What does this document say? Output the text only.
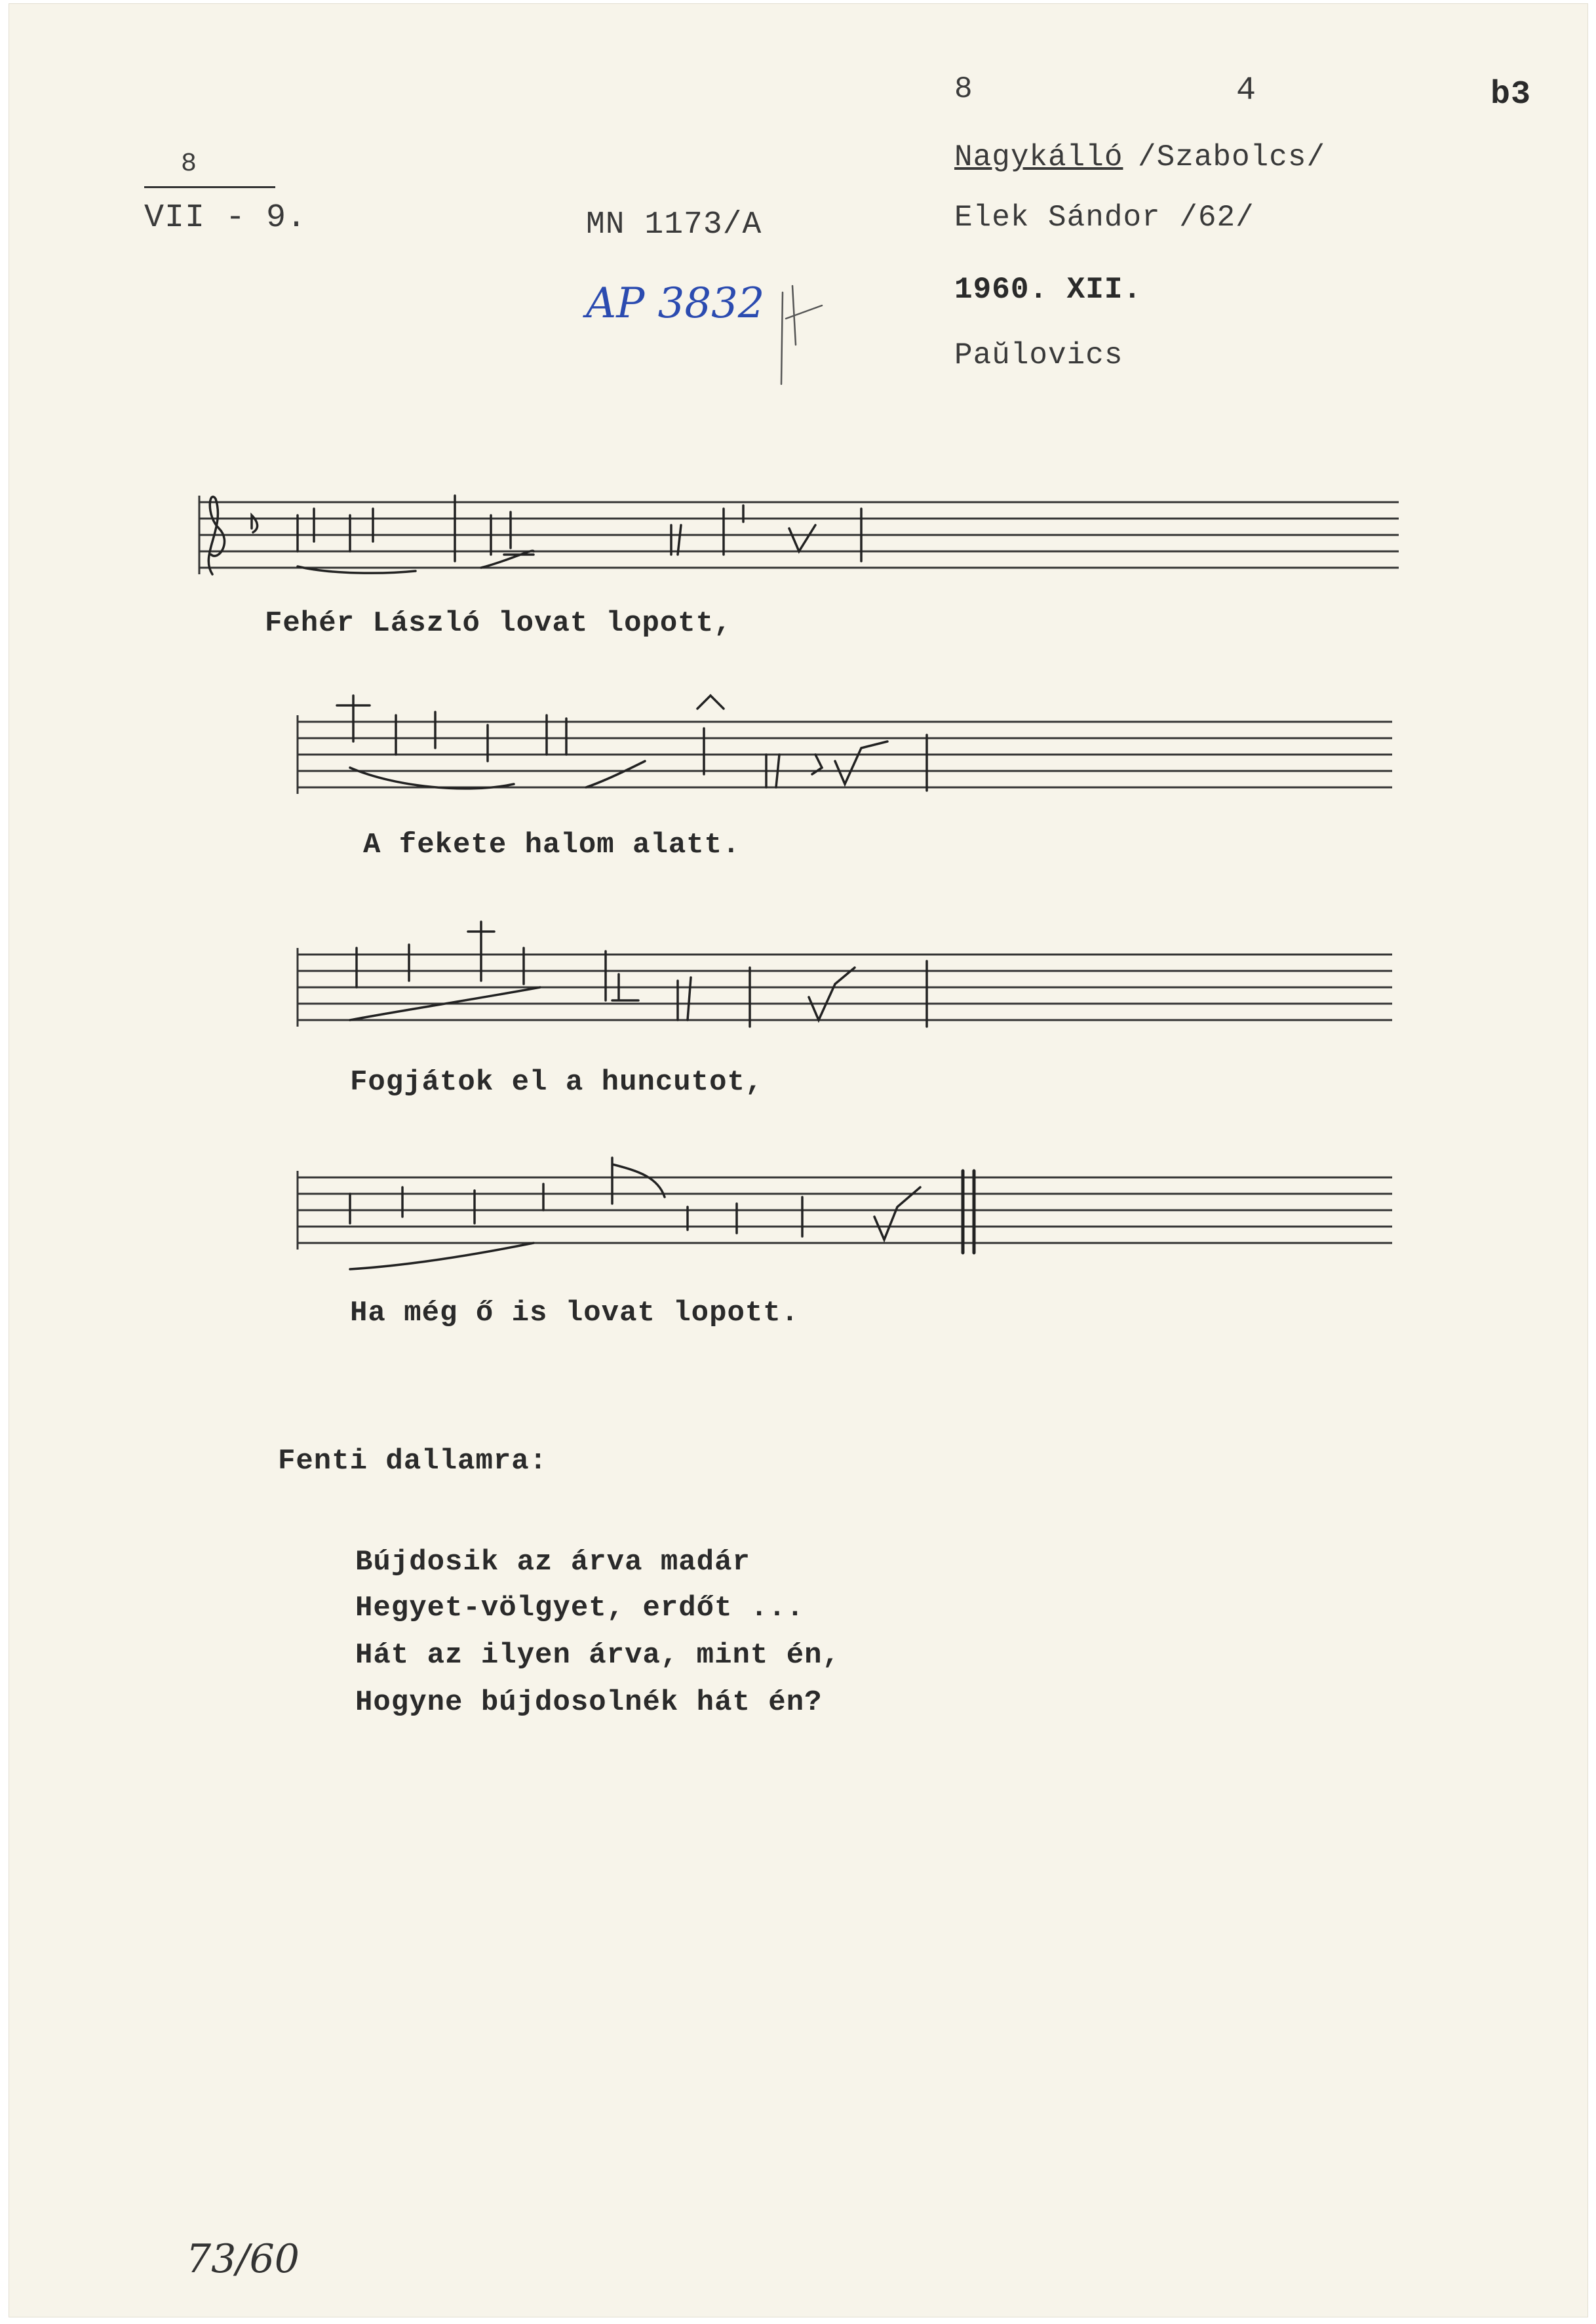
8
VII - 9.	MN 1173/A
AP 3832
8	4	b3
Nagykálló /Szabolcs/
Elek Sándor /62/
1960. XII.
Paŭlovics
Fehér László lovat lopott,
A fekete halom alatt.
Fogjátok el a huncutot,
Ha még ő is lovat lopott.
Fenti dallamra:
Bújdosik az árva madár
Hegyet-völgyet, erdőt ...
Hát az ilyen árva, mint én,
Hogyne bújdosolnék hát én?
73/60
